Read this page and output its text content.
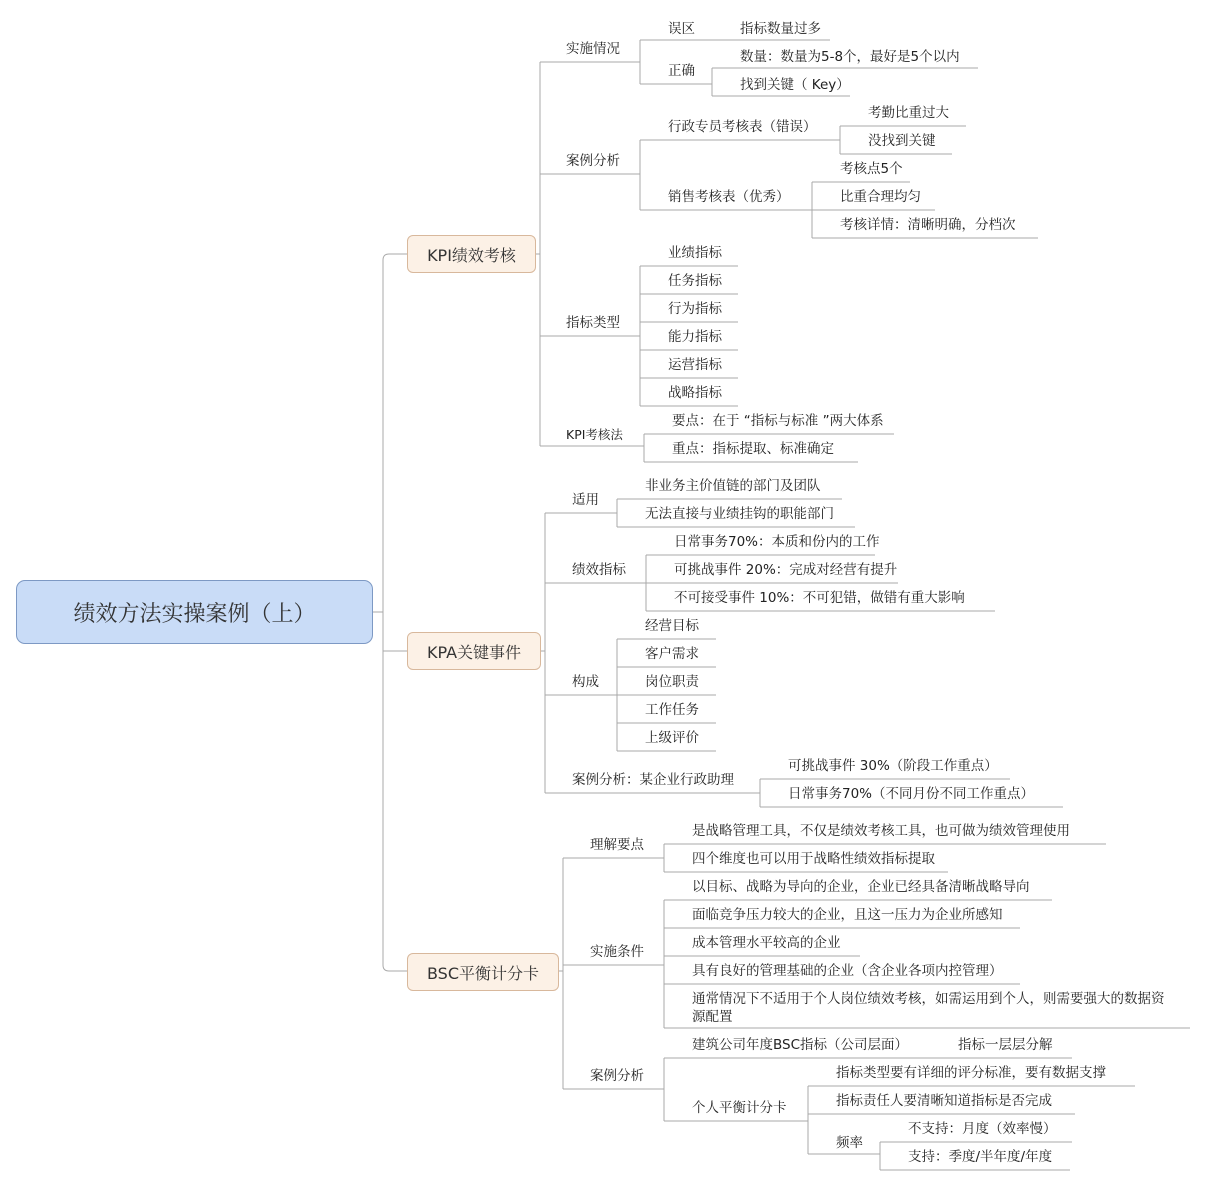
绩效方法实操案例（上）
KPI绩效考核
KPA关键事件
BSC平衡计分卡
实施情况
误区	指标数量过多
正确
数量：数量为5-8个，最好是5个以内
找到关键（ Key）
案例分析
行政专员考核表（错误）
考勤比重过大
没找到关键
销售考核表（优秀）
考核点5个
比重合理均匀
考核详情：清晰明确，分档次
指标类型
业绩指标
任务指标
行为指标
能力指标
运营指标
战略指标
KPI考核法
要点：在于 “指标与标准 ”两大体系
重点：指标提取、标准确定
适用
非业务主价值链的部门及团队
无法直接与业绩挂钩的职能部门
绩效指标
日常事务70%：本质和份内的工作
可挑战事件 20%：完成对经营有提升
不可接受事件 10%：不可犯错，做错有重大影响
构成
经营目标
客户需求
岗位职责
工作任务
上级评价
案例分析：某企业行政助理
可挑战事件 30%（阶段工作重点）
日常事务70%（不同月份不同工作重点）
理解要点
是战略管理工具，不仅是绩效考核工具，也可做为绩效管理使用
四个维度也可以用于战略性绩效指标提取
实施条件
以目标、战略为导向的企业，企业已经具备清晰战略导向
面临竞争压力较大的企业，且这一压力为企业所感知
成本管理水平较高的企业
具有良好的管理基础的企业（含企业各项内控管理）
通常情况下不适用于个人岗位绩效考核，如需运用到个人，则需要强大的数据资源配置
案例分析
建筑公司年度BSC指标（公司层面）	指标一层层分解
个人平衡计分卡
指标类型要有详细的评分标准，要有数据支撑
指标责任人要清晰知道指标是否完成
频率
不支持：月度（效率慢）
支持：季度/半年度/年度
